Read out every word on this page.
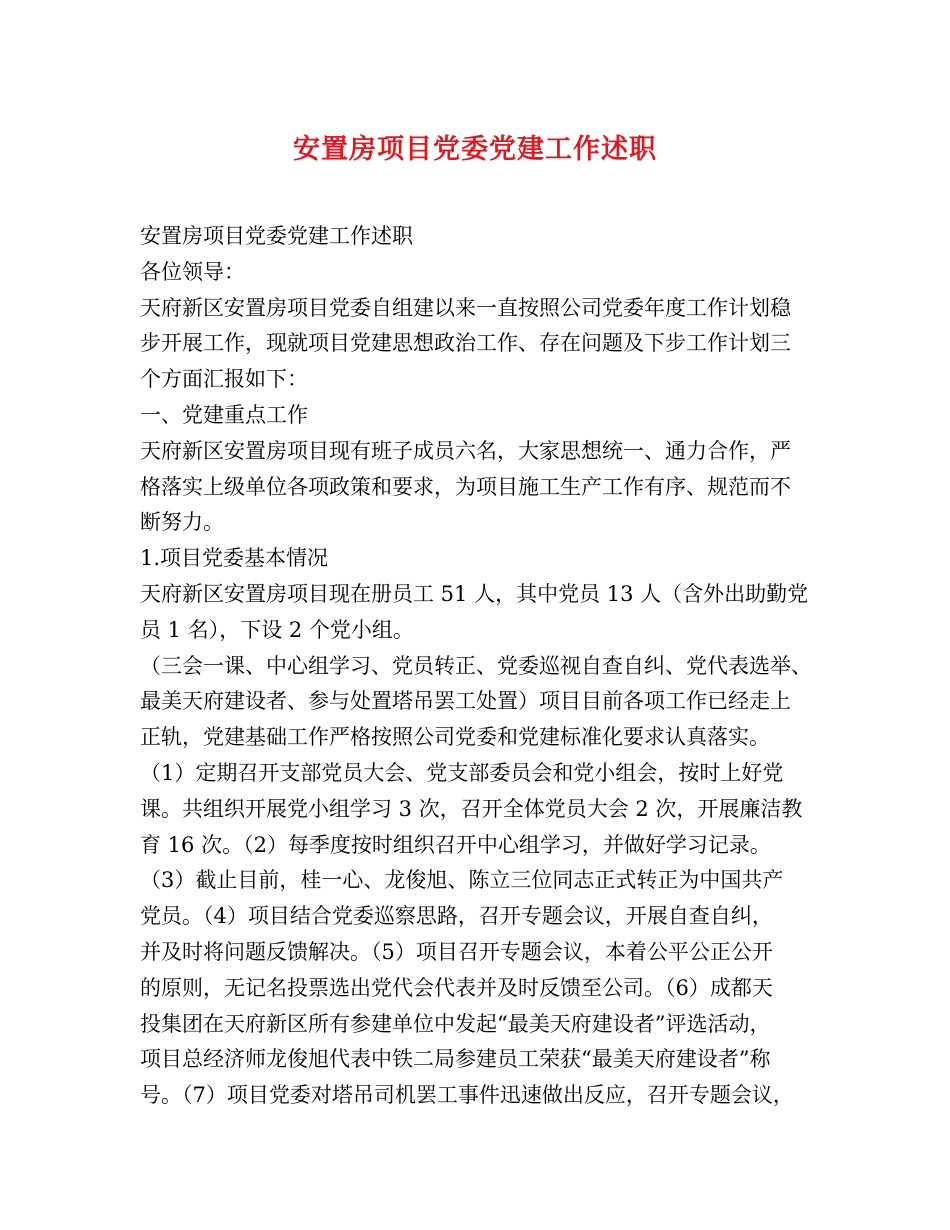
安置房项目党委党建工作述职
安置房项目党委党建工作述职
各位领导：
天府新区安置房项目党委自组建以来一直按照公司党委年度工作计划稳
步开展工作，现就项目党建思想政治工作、存在问题及下步工作计划三
个方面汇报如下：
一、党建重点工作
天府新区安置房项目现有班子成员六名，大家思想统一、通力合作，严
格落实上级单位各项政策和要求，为项目施工生产工作有序、规范而不
断努力。
1.项目党委基本情况
天府新区安置房项目现在册员工 51 人，其中党员 13 人（含外出助勤党
员 1 名），下设 2 个党小组。
（三会一课、中心组学习、党员转正、党委巡视自查自纠、党代表选举、
最美天府建设者、参与处置塔吊罢工处置）项目目前各项工作已经走上
正轨，党建基础工作严格按照公司党委和党建标准化要求认真落实。
（1）定期召开支部党员大会、党支部委员会和党小组会，按时上好党
课。共组织开展党小组学习 3 次，召开全体党员大会 2 次，开展廉洁教
育 16 次。（2）每季度按时组织召开中心组学习，并做好学习记录。
（3）截止目前，桂一心、龙俊旭、陈立三位同志正式转正为中国共产
党员。（4）项目结合党委巡察思路，召开专题会议，开展自查自纠，
并及时将问题反馈解决。（5）项目召开专题会议，本着公平公正公开
的原则，无记名投票选出党代会代表并及时反馈至公司。（6）成都天
投集团在天府新区所有参建单位中发起“最美天府建设者”评选活动，
项目总经济师龙俊旭代表中铁二局参建员工荣获“最美天府建设者”称
号。（7）项目党委对塔吊司机罢工事件迅速做出反应，召开专题会议，
